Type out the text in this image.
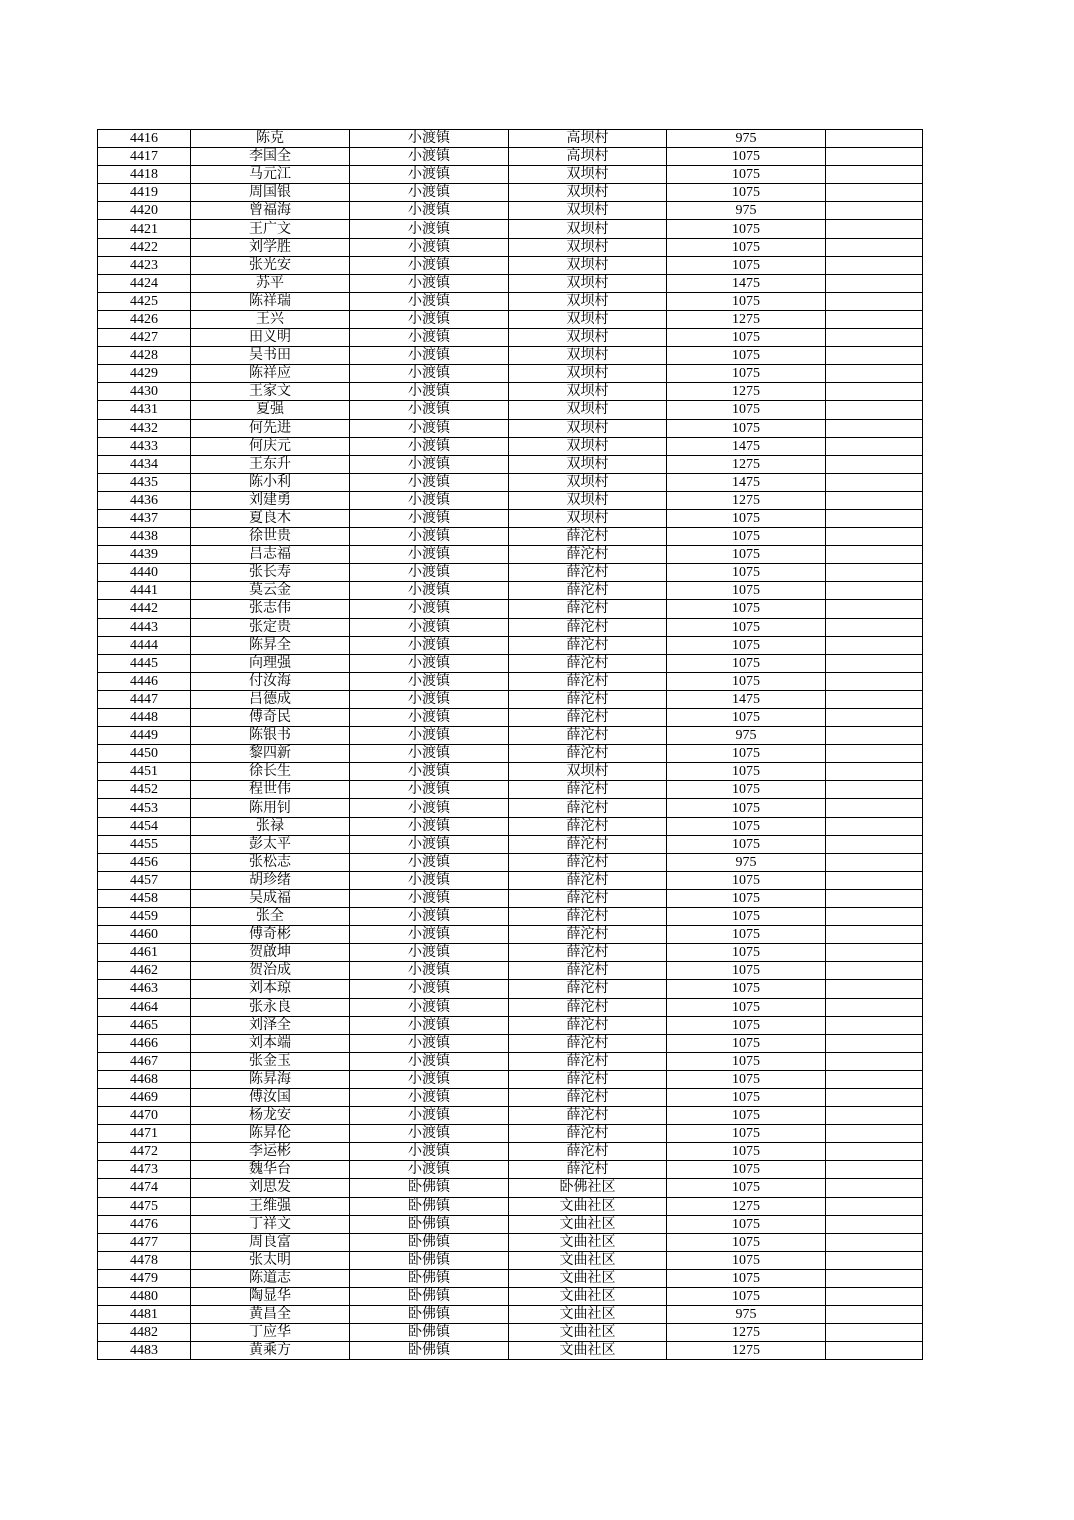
4416	陈克	小渡镇	高坝村	975	
4417	李国全	小渡镇	高坝村	1075	
4418	马元江	小渡镇	双坝村	1075	
4419	周国银	小渡镇	双坝村	1075	
4420	曾福海	小渡镇	双坝村	975	
4421	王广文	小渡镇	双坝村	1075	
4422	刘学胜	小渡镇	双坝村	1075	
4423	张光安	小渡镇	双坝村	1075	
4424	苏平	小渡镇	双坝村	1475	
4425	陈祥瑞	小渡镇	双坝村	1075	
4426	王兴	小渡镇	双坝村	1275	
4427	田义明	小渡镇	双坝村	1075	
4428	吴书田	小渡镇	双坝村	1075	
4429	陈祥应	小渡镇	双坝村	1075	
4430	王家文	小渡镇	双坝村	1275	
4431	夏强	小渡镇	双坝村	1075	
4432	何先进	小渡镇	双坝村	1075	
4433	何庆元	小渡镇	双坝村	1475	
4434	王东升	小渡镇	双坝村	1275	
4435	陈小利	小渡镇	双坝村	1475	
4436	刘建勇	小渡镇	双坝村	1275	
4437	夏良木	小渡镇	双坝村	1075	
4438	徐世贵	小渡镇	薛沱村	1075	
4439	吕志福	小渡镇	薛沱村	1075	
4440	张长寿	小渡镇	薛沱村	1075	
4441	莫云金	小渡镇	薛沱村	1075	
4442	张志伟	小渡镇	薛沱村	1075	
4443	张定贵	小渡镇	薛沱村	1075	
4444	陈昇全	小渡镇	薛沱村	1075	
4445	向理强	小渡镇	薛沱村	1075	
4446	付汝海	小渡镇	薛沱村	1075	
4447	吕德成	小渡镇	薛沱村	1475	
4448	傅奇民	小渡镇	薛沱村	1075	
4449	陈银书	小渡镇	薛沱村	975	
4450	黎四新	小渡镇	薛沱村	1075	
4451	徐长生	小渡镇	双坝村	1075	
4452	程世伟	小渡镇	薛沱村	1075	
4453	陈用钊	小渡镇	薛沱村	1075	
4454	张禄	小渡镇	薛沱村	1075	
4455	彭太平	小渡镇	薛沱村	1075	
4456	张松志	小渡镇	薛沱村	975	
4457	胡珍绪	小渡镇	薛沱村	1075	
4458	吴成福	小渡镇	薛沱村	1075	
4459	张全	小渡镇	薛沱村	1075	
4460	傅奇彬	小渡镇	薛沱村	1075	
4461	贺啟坤	小渡镇	薛沱村	1075	
4462	贺治成	小渡镇	薛沱村	1075	
4463	刘本琼	小渡镇	薛沱村	1075	
4464	张永良	小渡镇	薛沱村	1075	
4465	刘泽全	小渡镇	薛沱村	1075	
4466	刘本端	小渡镇	薛沱村	1075	
4467	张金玉	小渡镇	薛沱村	1075	
4468	陈昇海	小渡镇	薛沱村	1075	
4469	傅汝国	小渡镇	薛沱村	1075	
4470	杨龙安	小渡镇	薛沱村	1075	
4471	陈昇伦	小渡镇	薛沱村	1075	
4472	李运彬	小渡镇	薛沱村	1075	
4473	魏华台	小渡镇	薛沱村	1075	
4474	刘思发	卧佛镇	卧佛社区	1075	
4475	王维强	卧佛镇	文曲社区	1275	
4476	丁祥文	卧佛镇	文曲社区	1075	
4477	周良富	卧佛镇	文曲社区	1075	
4478	张太明	卧佛镇	文曲社区	1075	
4479	陈道志	卧佛镇	文曲社区	1075	
4480	陶显华	卧佛镇	文曲社区	1075	
4481	黄昌全	卧佛镇	文曲社区	975	
4482	丁应华	卧佛镇	文曲社区	1275	
4483	黄乘方	卧佛镇	文曲社区	1275	
